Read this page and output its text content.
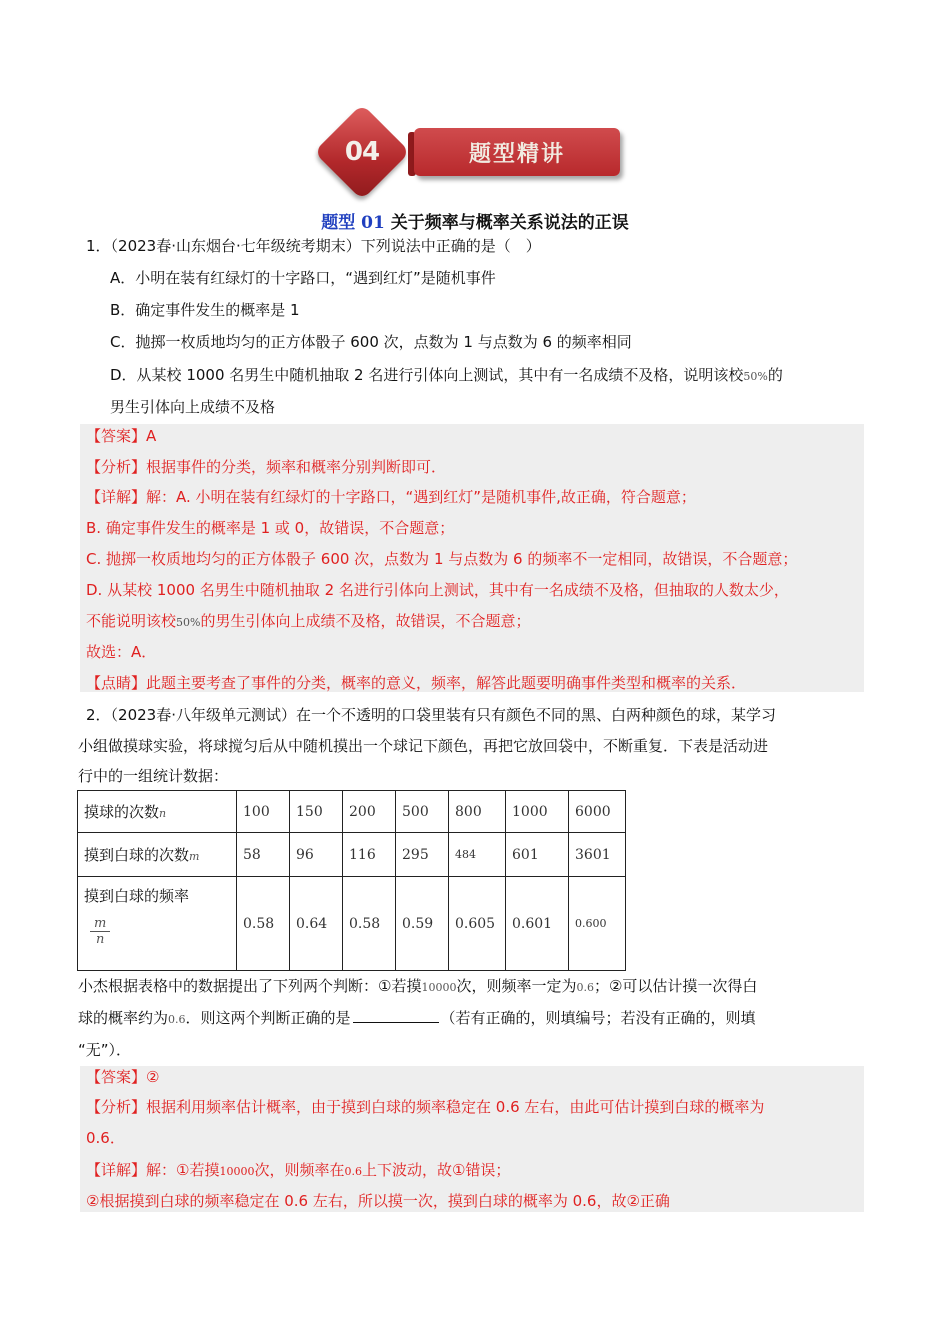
04	题型精讲
题型 01 关于频率与概率关系说法的正误
1．（2023春·山东烟台·七年级统考期末）下列说法中正确的是（　）
A．小明在装有红绿灯的十字路口，“遇到红灯”是随机事件
B．确定事件发生的概率是 1
C．抛掷一枚质地均匀的正方体骰子 600 次，点数为 1 与点数为 6 的频率相同
D．从某校 1000 名男生中随机抽取 2 名进行引体向上测试，其中有一名成绩不及格，说明该校50%的
男生引体向上成绩不及格
【答案】A
【分析】根据事件的分类，频率和概率分别判断即可．
【详解】解：A. 小明在装有红绿灯的十字路口，“遇到红灯”是随机事件,故正确，符合题意；
B. 确定事件发生的概率是 1 或 0，故错误，不合题意；
C. 抛掷一枚质地均匀的正方体骰子 600 次，点数为 1 与点数为 6 的频率不一定相同，故错误，不合题意；
D. 从某校 1000 名男生中随机抽取 2 名进行引体向上测试，其中有一名成绩不及格，但抽取的人数太少，
不能说明该校50%的男生引体向上成绩不及格，故错误，不合题意；
故选：A．
【点睛】此题主要考查了事件的分类，概率的意义，频率，解答此题要明确事件类型和概率的关系．
2．（2023春·八年级单元测试）在一个不透明的口袋里装有只有颜色不同的黑、白两种颜色的球，某学习
小组做摸球实验，将球搅匀后从中随机摸出一个球记下颜色，再把它放回袋中，不断重复．下表是活动进
行中的一组统计数据：
摸球的次数n	100	150	200	500	800	1000	6000
摸到白球的次数m	58	96	116	295	484	601	3601

摸到白球的频率
$\frac{m}{n}$	0.58	0.64	0.58	0.59	0.605	0.601	0.600
小杰根据表格中的数据提出了下列两个判断：①若摸10000次，则频率一定为0.6；②可以估计摸一次得白
球的概率约为0.6．则这两个判断正确的是	（若有正确的，则填编号；若没有正确的，则填
“无”）．
【答案】②
【分析】根据利用频率估计概率，由于摸到白球的频率稳定在 0.6 左右，由此可估计摸到白球的概率为
0.6．
【详解】解：①若摸10000次，则频率在0.6上下波动，故①错误；
②根据摸到白球的频率稳定在 0.6 左右，所以摸一次，摸到白球的概率为 0.6，故②正确
